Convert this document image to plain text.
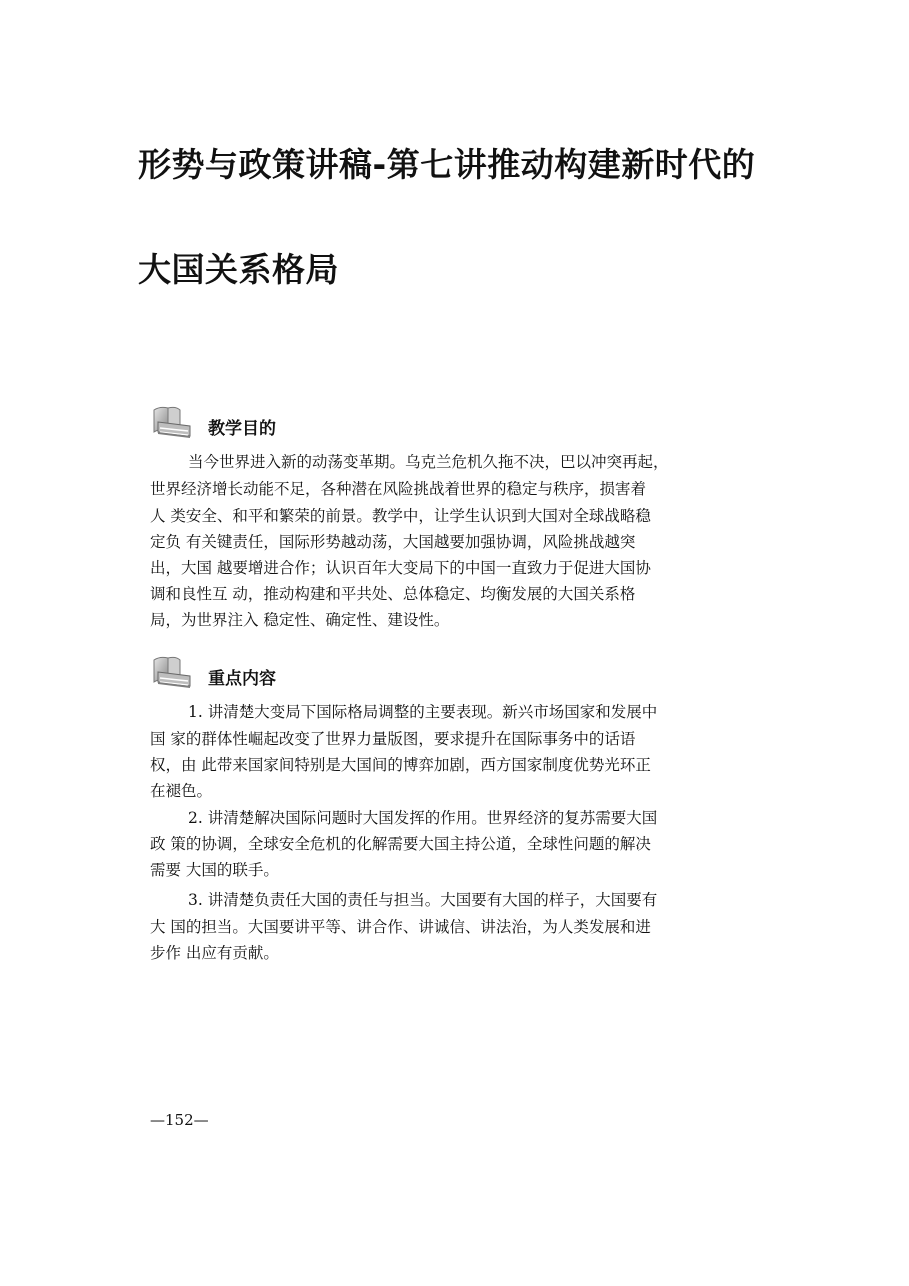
形势与政策讲稿-第七讲推动构建新时代的
大国关系格局
教学目的

当今世界进入新的动荡变革期。乌克兰危机久拖不决，巴以冲突再起，

世界经济增长动能不足，各种潜在风险挑战着世界的稳定与秩序，损害着

人 类安全、和平和繁荣的前景。教学中，让学生认识到大国对全球战略稳

定负 有关键责任，国际形势越动荡，大国越要加强协调，风险挑战越突

出，大国 越要增进合作；认识百年大变局下的中国一直致力于促进大国协

调和良性互 动，推动构建和平共处、总体稳定、均衡发展的大国关系格

局，为世界注入 稳定性、确定性、建设性。

重点内容

1. 讲清楚大变局下国际格局调整的主要表现。新兴市场国家和发展中

国 家的群体性崛起改变了世界力量版图，要求提升在国际事务中的话语

权，由 此带来国家间特别是大国间的博弈加剧，西方国家制度优势光环正

在褪色。

2. 讲清楚解决国际问题时大国发挥的作用。世界经济的复苏需要大国

政 策的协调，全球安全危机的化解需要大国主持公道，全球性问题的解决

需要 大国的联手。

3. 讲清楚负责任大国的责任与担当。大国要有大国的样子，大国要有

大 国的担当。大国要讲平等、讲合作、讲诚信、讲法治，为人类发展和进

步作 出应有贡献。

—152—
